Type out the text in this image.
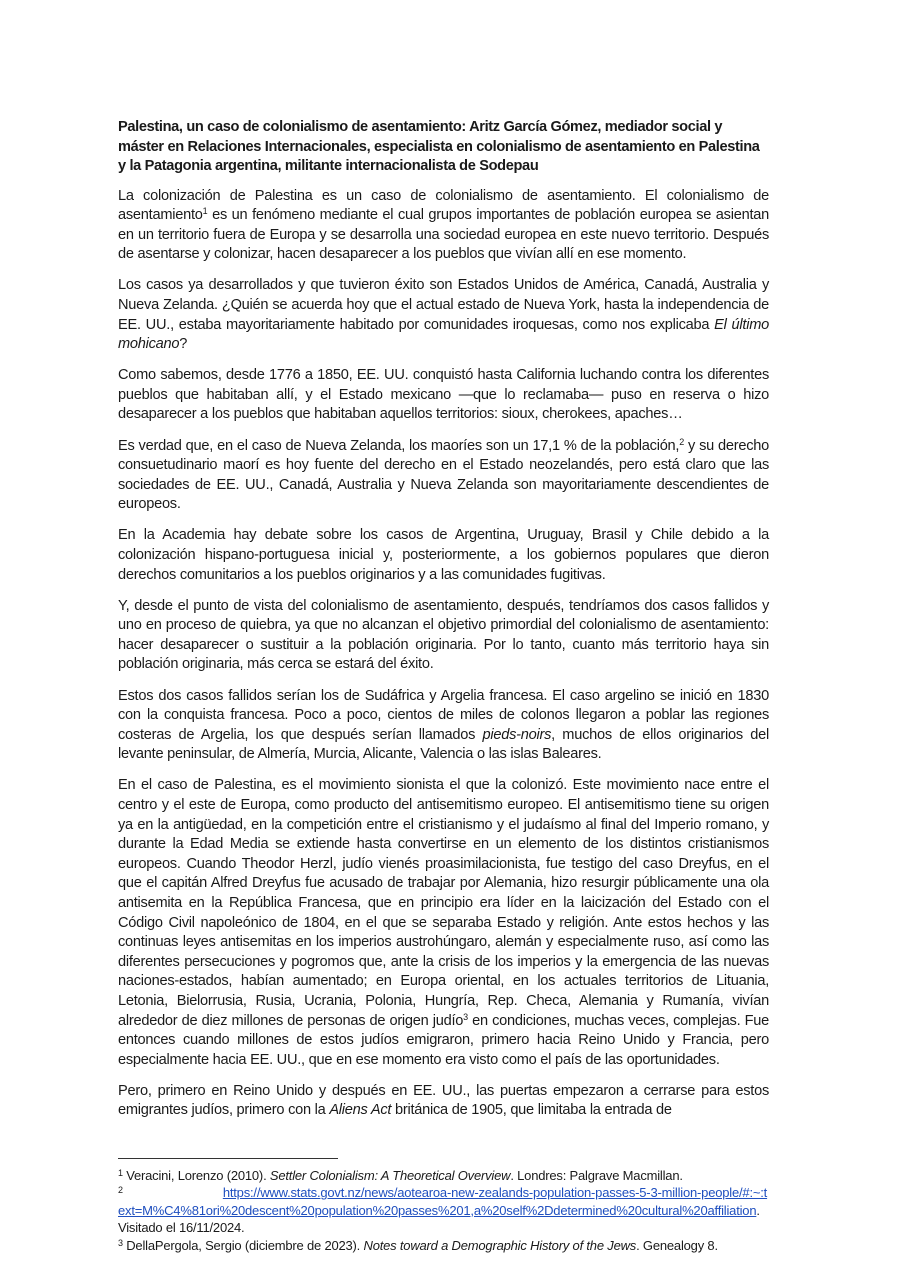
Palestina, un caso de colonialismo de asentamiento: Aritz García Gómez, mediador social y máster en Relaciones Internacionales, especialista en colonialismo de asentamiento en Palestina y la Patagonia argentina, militante internacionalista de Sodepau

La colonización de Palestina es un caso de colonialismo de asentamiento. El colonialismo de asentamiento$^1$ es un fenómeno mediante el cual grupos importantes de población europea se asientan en un territorio fuera de Europa y se desarrolla una sociedad europea en este nuevo territorio. Después de asentarse y colonizar, hacen desaparecer a los pueblos que vivían allí en ese momento.

Los casos ya desarrollados y que tuvieron éxito son Estados Unidos de América, Canadá, Australia y Nueva Zelanda. ¿Quién se acuerda hoy que el actual estado de Nueva York, hasta la independencia de EE. UU., estaba mayoritariamente habitado por comunidades iroquesas, como nos explicaba El último mohicano?

Como sabemos, desde 1776 a 1850, EE. UU. conquistó hasta California luchando contra los diferentes pueblos que habitaban allí, y el Estado mexicano —que lo reclamaba— puso en reserva o hizo desaparecer a los pueblos que habitaban aquellos territorios: sioux, cherokees, apaches…

Es verdad que, en el caso de Nueva Zelanda, los maoríes son un 17,1 % de la población,$^2$ y su derecho consuetudinario maorí es hoy fuente del derecho en el Estado neozelandés, pero está claro que las sociedades de EE. UU., Canadá, Australia y Nueva Zelanda son mayoritariamente descendientes de europeos.

En la Academia hay debate sobre los casos de Argentina, Uruguay, Brasil y Chile debido a la colonización hispano-portuguesa inicial y, posteriormente, a los gobiernos populares que dieron derechos comunitarios a los pueblos originarios y a las comunidades fugitivas.

Y, desde el punto de vista del colonialismo de asentamiento, después, tendríamos dos casos fallidos y uno en proceso de quiebra, ya que no alcanzan el objetivo primordial del colonialismo de asentamiento: hacer desaparecer o sustituir a la población originaria. Por lo tanto, cuanto más territorio haya sin población originaria, más cerca se estará del éxito.

Estos dos casos fallidos serían los de Sudáfrica y Argelia francesa. El caso argelino se inició en 1830 con la conquista francesa. Poco a poco, cientos de miles de colonos llegaron a poblar las regiones costeras de Argelia, los que después serían llamados pieds-noirs, muchos de ellos originarios del levante peninsular, de Almería, Murcia, Alicante, Valencia o las islas Baleares.

En el caso de Palestina, es el movimiento sionista el que la colonizó. Este movimiento nace entre el centro y el este de Europa, como producto del antisemitismo europeo. El antisemitismo tiene su origen ya en la antigüedad, en la competición entre el cristianismo y el judaísmo al final del Imperio romano, y durante la Edad Media se extiende hasta convertirse en un elemento de los distintos cristianismos europeos. Cuando Theodor Herzl, judío vienés proasimilacionista, fue testigo del caso Dreyfus, en el que el capitán Alfred Dreyfus fue acusado de trabajar por Alemania, hizo resurgir públicamente una ola antisemita en la República Francesa, que en principio era líder en la laicización del Estado con el Código Civil napoleónico de 1804, en el que se separaba Estado y religión. Ante estos hechos y las continuas leyes antisemitas en los imperios austrohúngaro, alemán y especialmente ruso, así como las diferentes persecuciones y pogromos que, ante la crisis de los imperios y la emergencia de las nuevas naciones-estados, habían aumentado; en Europa oriental, en los actuales territorios de Lituania, Letonia, Bielorrusia, Rusia, Ucrania, Polonia, Hungría, Rep. Checa, Alemania y Rumanía, vivían alrededor de diez millones de personas de origen judío$^3$ en condiciones, muchas veces, complejas. Fue entonces cuando millones de estos judíos emigraron, primero hacia Reino Unido y Francia, pero especialmente hacia EE. UU., que en ese momento era visto como el país de las oportunidades.

Pero, primero en Reino Unido y después en EE. UU., las puertas empezaron a cerrarse para estos emigrantes judíos, primero con la Aliens Act británica de 1905, que limitaba la entrada de

$^1$ Veracini, Lorenzo (2010). Settler Colonialism: A Theoretical Overview. Londres: Palgrave Macmillan.
$^2$	https://www.stats.govt.nz/news/aotearoa-new-zealands-population-passes-5-3-million-people/#:~:text=M%C4%81ori%20descent%20population%20passes%201,a%20self%2Ddetermined%20cultural%20affiliation. Visitado el 16/11/2024.
$^3$ DellaPergola, Sergio (diciembre de 2023). Notes toward a Demographic History of the Jews. Genealogy 8.
